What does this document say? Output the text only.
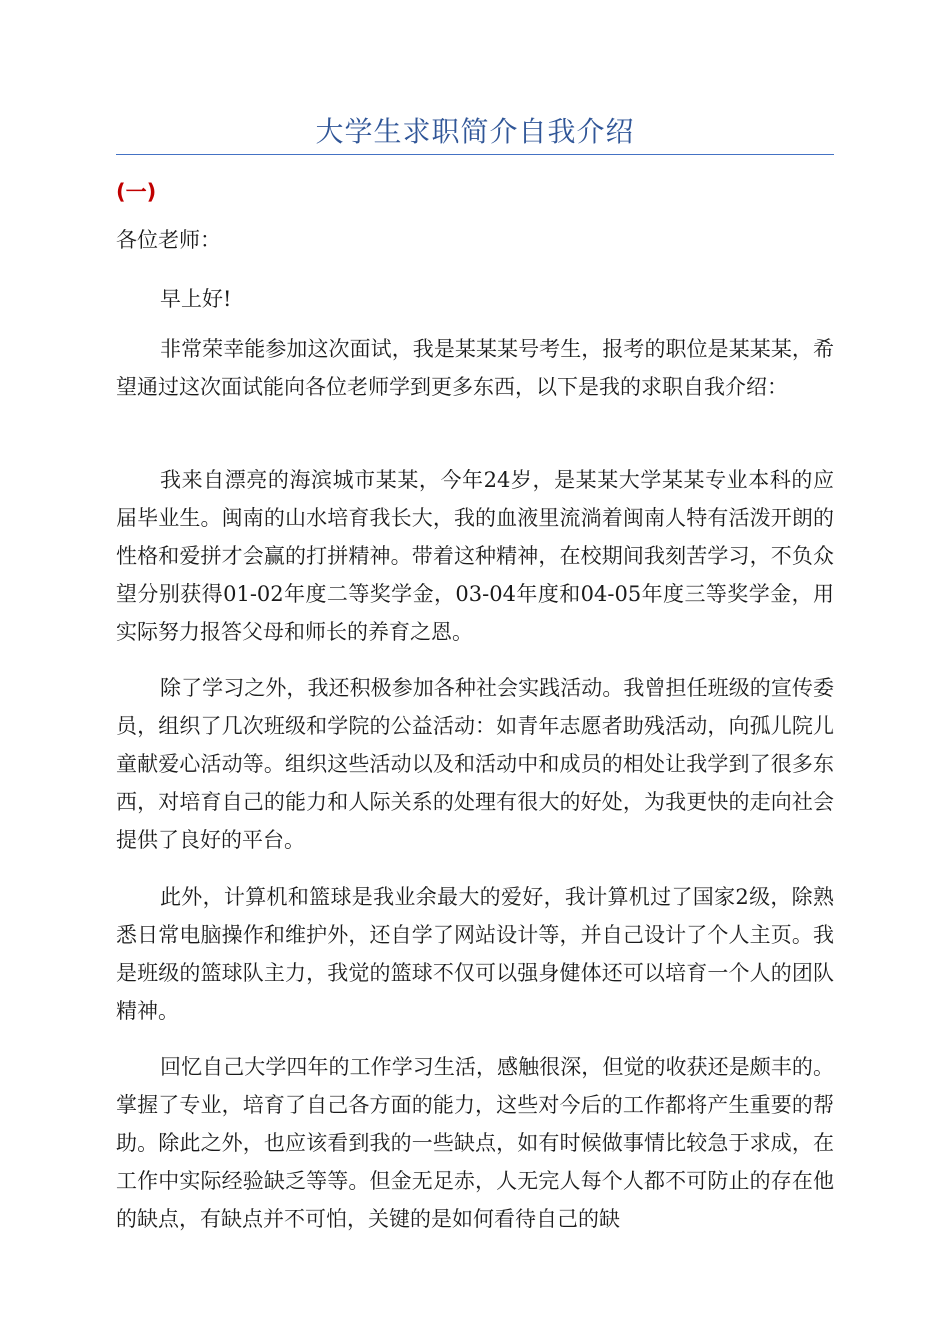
大学生求职简介自我介绍
(一)
各位老师：

早上好!

非常荣幸能参加这次面试，我是某某某号考生，报考的职位是某某某，希望通过这次面试能向各位老师学到更多东西，以下是我的求职自我介绍：

我来自漂亮的海滨城市某某，今年24岁，是某某大学某某专业本科的应届毕业生。闽南的山水培育我长大，我的血液里流淌着闽南人特有活泼开朗的性格和爱拼才会赢的打拼精神。带着这种精神，在校期间我刻苦学习，不负众望分别获得01-02年度二等奖学金，03-04年度和04-05年度三等奖学金，用实际努力报答父母和师长的养育之恩。

除了学习之外，我还积极参加各种社会实践活动。我曾担任班级的宣传委员，组织了几次班级和学院的公益活动：如青年志愿者助残活动，向孤儿院儿童献爱心活动等。组织这些活动以及和活动中和成员的相处让我学到了很多东西，对培育自己的能力和人际关系的处理有很大的好处，为我更快的走向社会提供了良好的平台。

此外，计算机和篮球是我业余最大的爱好，我计算机过了国家2级，除熟悉日常电脑操作和维护外，还自学了网站设计等，并自己设计了个人主页。我是班级的篮球队主力，我觉的篮球不仅可以强身健体还可以培育一个人的团队精神。

回忆自己大学四年的工作学习生活，感触很深，但觉的收获还是颇丰的。掌握了专业，培育了自己各方面的能力，这些对今后的工作都将产生重要的帮助。除此之外，也应该看到我的一些缺点，如有时候做事情比较急于求成，在工作中实际经验缺乏等等。但金无足赤，人无完人每个人都不可防止的存在他的缺点，有缺点并不可怕，关键的是如何看待自己的缺
